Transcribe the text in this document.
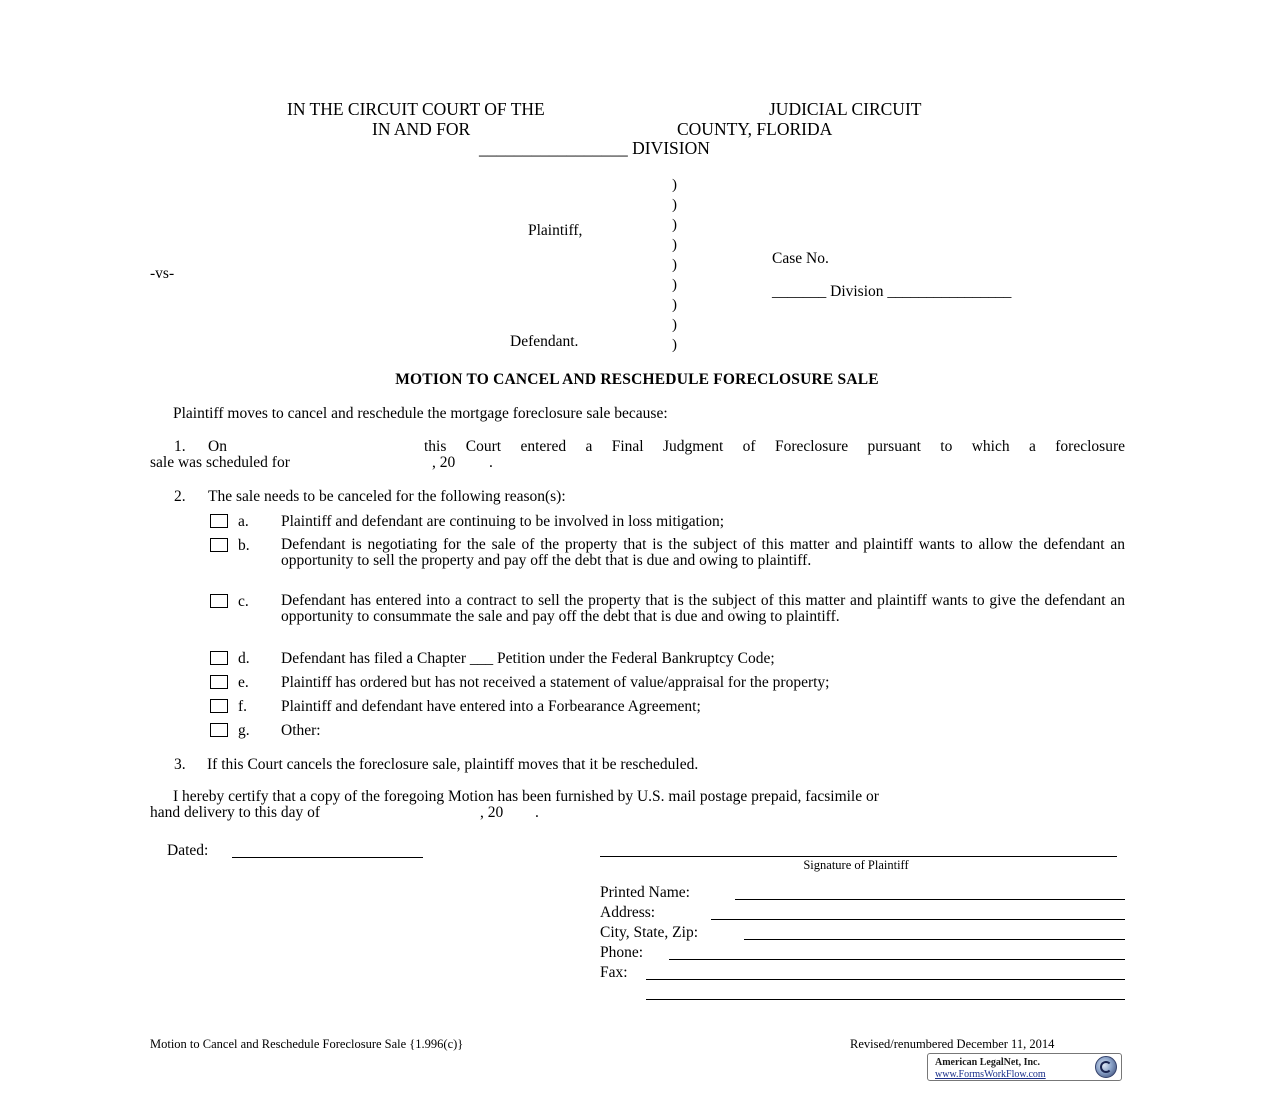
IN THE CIRCUIT COURT OF THE	JUDICIAL CIRCUIT
IN AND FOR	COUNTY, FLORIDA
_________________ DIVISION
)
)
)
)
)
)
)
)
)
Plaintiff,
-vs-
Defendant.
Case No.
_______ Division ________________
MOTION TO CANCEL AND RESCHEDULE FORECLOSURE SALE
Plaintiff moves to cancel and reschedule the mortgage foreclosure sale because:
1. On	this Court entered a Final Judgment of Foreclosure pursuant to which a foreclosure
sale was scheduled for	, 20 .
2. The sale needs to be canceled for the following reason(s):
a. Plaintiff and defendant are continuing to be involved in loss mitigation;
b. Defendant is negotiating for the sale of the property that is the subject of this matter and plaintiff wants to allow the defendant an opportunity to sell the property and pay off the debt that is due and owing to plaintiff.
c. Defendant has entered into a contract to sell the property that is the subject of this matter and plaintiff wants to give the defendant an opportunity to consummate the sale and pay off the debt that is due and owing to plaintiff.
d. Defendant has filed a Chapter ___ Petition under the Federal Bankruptcy Code;
e. Plaintiff has ordered but has not received a statement of value/appraisal for the property;
f. Plaintiff and defendant have entered into a Forbearance Agreement;
g. Other:
3. If this Court cancels the foreclosure sale, plaintiff moves that it be rescheduled.
I hereby certify that a copy of the foregoing Motion has been furnished by U.S. mail postage prepaid, facsimile or
hand delivery to this day of	, 20 .
Dated:
Signature of Plaintiff
Printed Name:
Address:
City, State, Zip:
Phone:
Fax:
Motion to Cancel and Reschedule Foreclosure Sale {1.996(c)}	Revised/renumbered December 11, 2014
American LegalNet, Inc.
www.FormsWorkFlow.com
